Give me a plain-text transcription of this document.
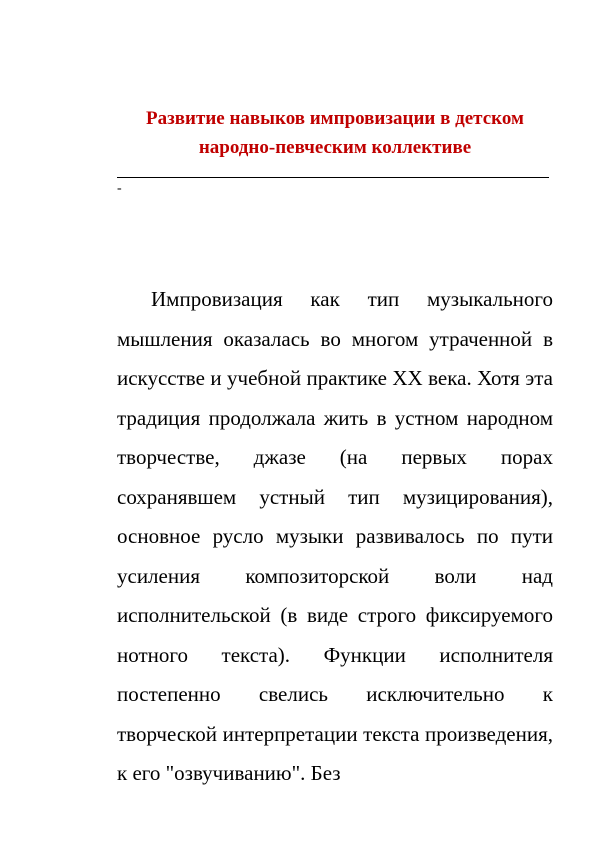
Развитие навыков импровизации в детском
народно-певческим коллективе
-

Импровизация как тип музыкального мышления оказалась во многом утраченной в искусстве и учебной практике XX века. Хотя эта традиция продолжала жить в устном народном творчестве, джазе (на первых порах сохранявшем устный тип музицирования), основное русло музыки развивалось по пути усиления композиторской воли над исполнительской (в виде строго фиксируемого нотного текста). Функции исполнителя постепенно свелись исключительно к творческой интерпретации текста произведения, к его "озвучиванию". Без
